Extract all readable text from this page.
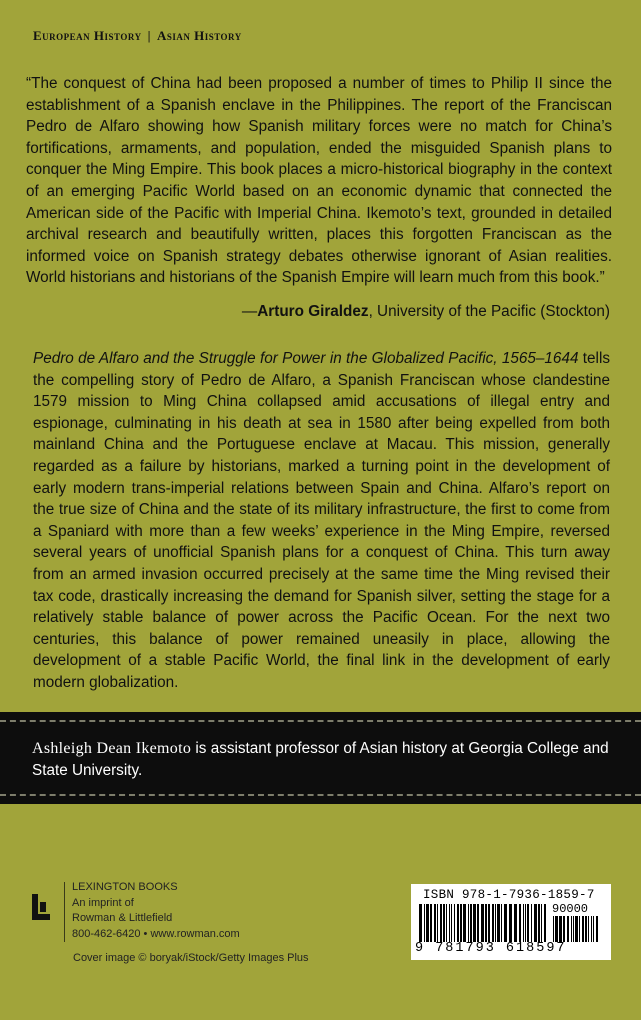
European History | Asian History

“The conquest of China had been proposed a number of times to Philip II since the establishment of a Spanish enclave in the Philippines. The report of the Franciscan Pedro de Alfaro showing how Spanish military forces were no match for China’s fortifications, armaments, and population, ended the misguided Spanish plans to conquer the Ming Empire. This book places a micro-historical biography in the context of an emerging Pacific World based on an economic dynamic that connected the American side of the Pacific with Imperial China. Ikemoto’s text, grounded in detailed archival research and beautifully written, places this forgotten Franciscan as the informed voice on Spanish strategy debates otherwise ignorant of Asian realities. World historians and historians of the Spanish Empire will learn much from this book.”

—Arturo Giraldez, University of the Pacific (Stockton)
Pedro de Alfaro and the Struggle for Power in the Globalized Pacific, 1565–1644 tells the compelling story of Pedro de Alfaro, a Spanish Franciscan whose clandestine 1579 mission to Ming China collapsed amid accusations of illegal entry and espionage, culminating in his death at sea in 1580 after being expelled from both mainland China and the Portuguese enclave at Macau. This mission, generally regarded as a failure by historians, marked a turning point in the development of early modern trans-imperial relations between Spain and China. Alfaro’s report on the true size of China and the state of its military infrastructure, the first to come from a Spaniard with more than a few weeks’ experience in the Ming Empire, reversed several years of unofficial Spanish plans for a conquest of China. This turn away from an armed invasion occurred precisely at the same time the Ming revised their tax code, drastically increasing the demand for Spanish silver, setting the stage for a relatively stable balance of power across the Pacific Ocean. For the next two centuries, this balance of power remained uneasily in place, allowing the development of a stable Pacific World, the final link in the development of early modern globalization.
Ashleigh Dean Ikemoto is assistant professor of Asian history at Georgia College and State University.
LEXINGTON BOOKS
An imprint of
Rowman & Littlefield
800-462-6420 • www.rowman.com
Cover image © boryak/iStock/Getty Images Plus
ISBN 978-1-7936-1859-7
90000
9 781793 618597
